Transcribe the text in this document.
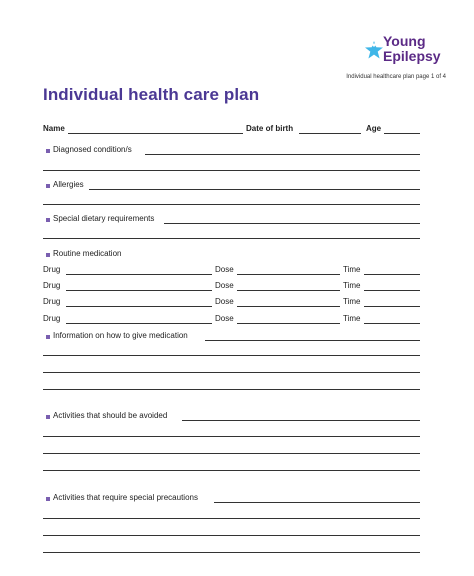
Young
Epilepsy
Individual healthcare plan page 1 of 4
Individual health care plan
Name	Date of birth	Age
Diagnosed condition/s
Allergies
Special dietary requirements
Routine medication
Drug	Dose	Time
Drug	Dose	Time
Drug	Dose	Time
Drug	Dose	Time
Information on how to give medication
Activities that should be avoided
Activities that require special precautions
